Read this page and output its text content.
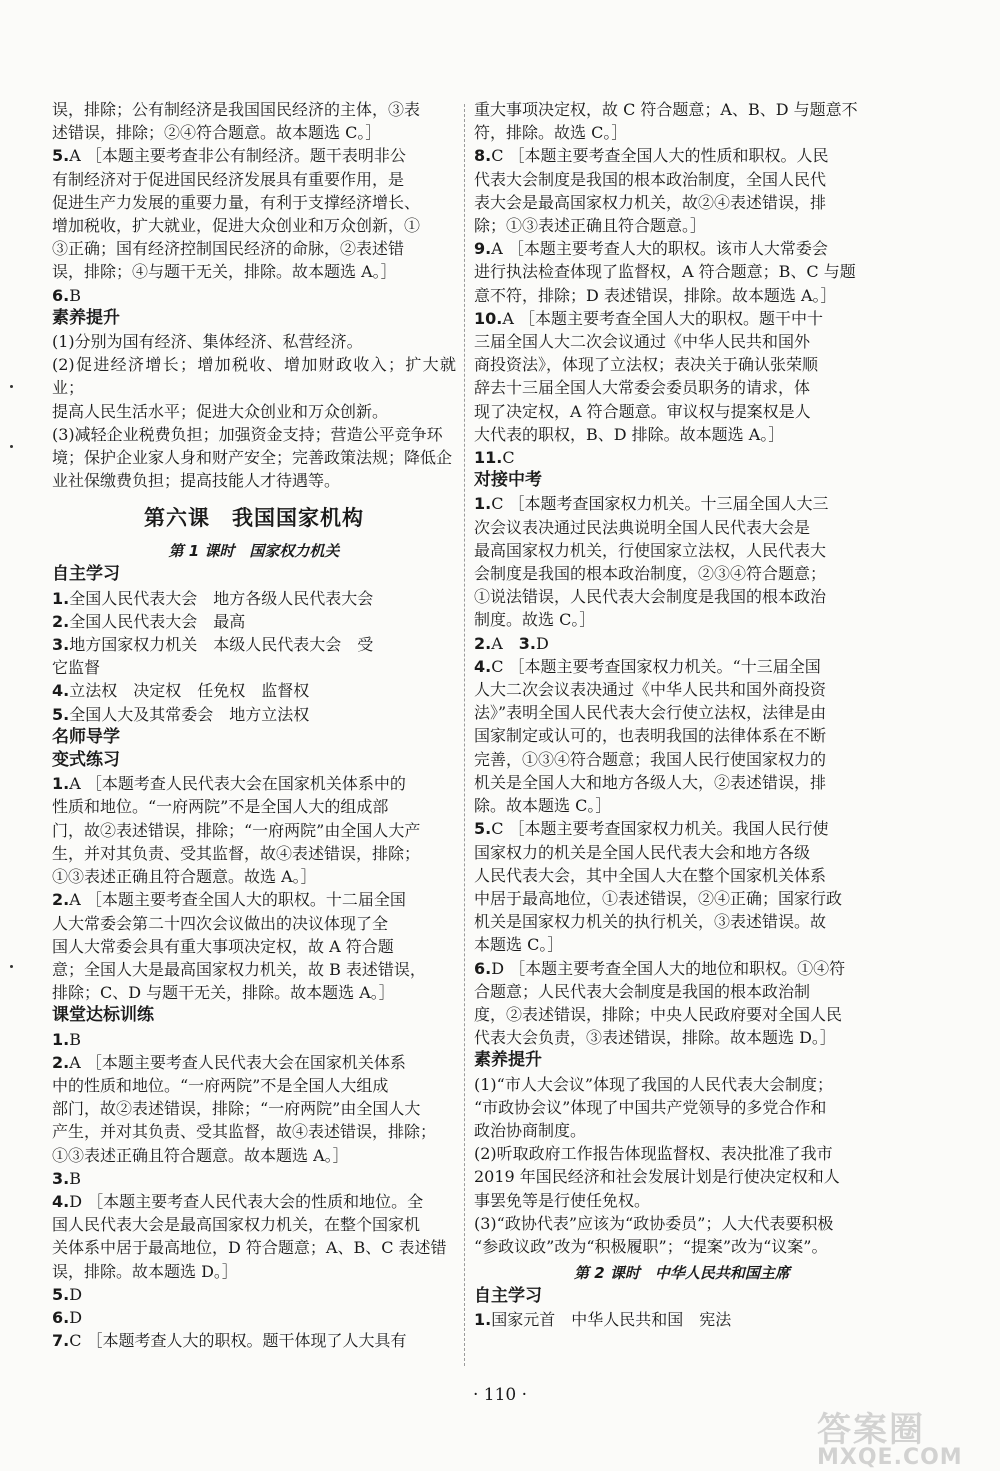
误，排除；公有制经济是我国国民经济的主体，③表

述错误，排除；②④符合题意。故本题选 C。］

5.A ［本题主要考查非公有制经济。题干表明非公

有制经济对于促进国民经济发展具有重要作用，是

促进生产力发展的重要力量，有利于支撑经济增长、

增加税收，扩大就业，促进大众创业和万众创新，①

③正确；国有经济控制国民经济的命脉，②表述错

误，排除；④与题干无关，排除。故本题选 A。］

6.B

素养提升

(1)分别为国有经济、集体经济、私营经济。

(2)促进经济增长；增加税收、增加财政收入；扩大就业；

提高人民生活水平；促进大众创业和万众创新。

(3)减轻企业税费负担；加强资金支持；营造公平竞争环

境；保护企业家人身和财产安全；完善政策法规；降低企

业社保缴费负担；提高技能人才待遇等。

第六课　我国国家机构
第 1 课时　国家权力机关

自主学习

1.全国人民代表大会　地方各级人民代表大会

2.全国人民代表大会　最高

3.地方国家权力机关　本级人民代表大会　受

它监督

4.立法权　决定权　任免权　监督权

5.全国人大及其常委会　地方立法权

名师导学

变式练习

1.A ［本题考查人民代表大会在国家机关体系中的

性质和地位。“一府两院”不是全国人大的组成部

门，故②表述错误，排除；“一府两院”由全国人大产

生，并对其负责、受其监督，故④表述错误，排除；

①③表述正确且符合题意。故选 A。］

2.A ［本题主要考查全国人大的职权。十二届全国

人大常委会第二十四次会议做出的决议体现了全

国人大常委会具有重大事项决定权，故 A 符合题

意；全国人大是最高国家权力机关，故 B 表述错误，

排除；C、D 与题干无关，排除。故本题选 A。］

课堂达标训练

1.B

2.A ［本题主要考查人民代表大会在国家机关体系

中的性质和地位。“一府两院”不是全国人大组成

部门，故②表述错误，排除；“一府两院”由全国人大

产生，并对其负责、受其监督，故④表述错误，排除；

①③表述正确且符合题意。故本题选 A。］

3.B

4.D ［本题主要考查人民代表大会的性质和地位。全

国人民代表大会是最高国家权力机关，在整个国家机

关体系中居于最高地位，D 符合题意；A、B、C 表述错

误，排除。故本题选 D。］

5.D

6.D

7.C ［本题考查人大的职权。题干体现了人大具有

重大事项决定权，故 C 符合题意；A、B、D 与题意不

符，排除。故选 C。］

8.C ［本题主要考查全国人大的性质和职权。人民

代表大会制度是我国的根本政治制度，全国人民代

表大会是最高国家权力机关，故②④表述错误，排

除；①③表述正确且符合题意。］

9.A ［本题主要考查人大的职权。该市人大常委会

进行执法检查体现了监督权，A 符合题意；B、C 与题

意不符，排除；D 表述错误，排除。故本题选 A。］

10.A ［本题主要考查全国人大的职权。题干中十

三届全国人大二次会议通过《中华人民共和国外

商投资法》，体现了立法权；表决关于确认张荣顺

辞去十三届全国人大常委会委员职务的请求，体

现了决定权，A 符合题意。审议权与提案权是人

大代表的职权，B、D 排除。故本题选 A。］

11.C

对接中考

1.C ［本题考查国家权力机关。十三届全国人大三

次会议表决通过民法典说明全国人民代表大会是

最高国家权力机关，行使国家立法权，人民代表大

会制度是我国的根本政治制度，②③④符合题意；

①说法错误，人民代表大会制度是我国的根本政治

制度。故选 C。］

2.A　3.D

4.C ［本题主要考查国家权力机关。“十三届全国

人大二次会议表决通过《中华人民共和国外商投资

法》”表明全国人民代表大会行使立法权，法律是由

国家制定或认可的，也表明我国的法律体系在不断

完善，①③④符合题意；我国人民行使国家权力的

机关是全国人大和地方各级人大，②表述错误，排

除。故本题选 C。］

5.C ［本题主要考查国家权力机关。我国人民行使

国家权力的机关是全国人民代表大会和地方各级

人民代表大会，其中全国人大在整个国家机关体系

中居于最高地位，①表述错误，②④正确；国家行政

机关是国家权力机关的执行机关，③表述错误。故

本题选 C。］

6.D ［本题主要考查全国人大的地位和职权。①④符

合题意；人民代表大会制度是我国的根本政治制

度，②表述错误，排除；中央人民政府要对全国人民

代表大会负责，③表述错误，排除。故本题选 D。］

素养提升

(1)“市人大会议”体现了我国的人民代表大会制度；

“市政协会议”体现了中国共产党领导的多党合作和

政治协商制度。

(2)听取政府工作报告体现监督权、表决批准了我市

2019 年国民经济和社会发展计划是行使决定权和人

事罢免等是行使任免权。

(3)“政协代表”应该为“政协委员”；人大代表要积极

“参政议政”改为“积极履职”；“提案”改为“议案”。

第 2 课时　中华人民共和国主席

自主学习

1.国家元首　中华人民共和国　宪法

· 110 ·
答案圈
MXQE.COM
